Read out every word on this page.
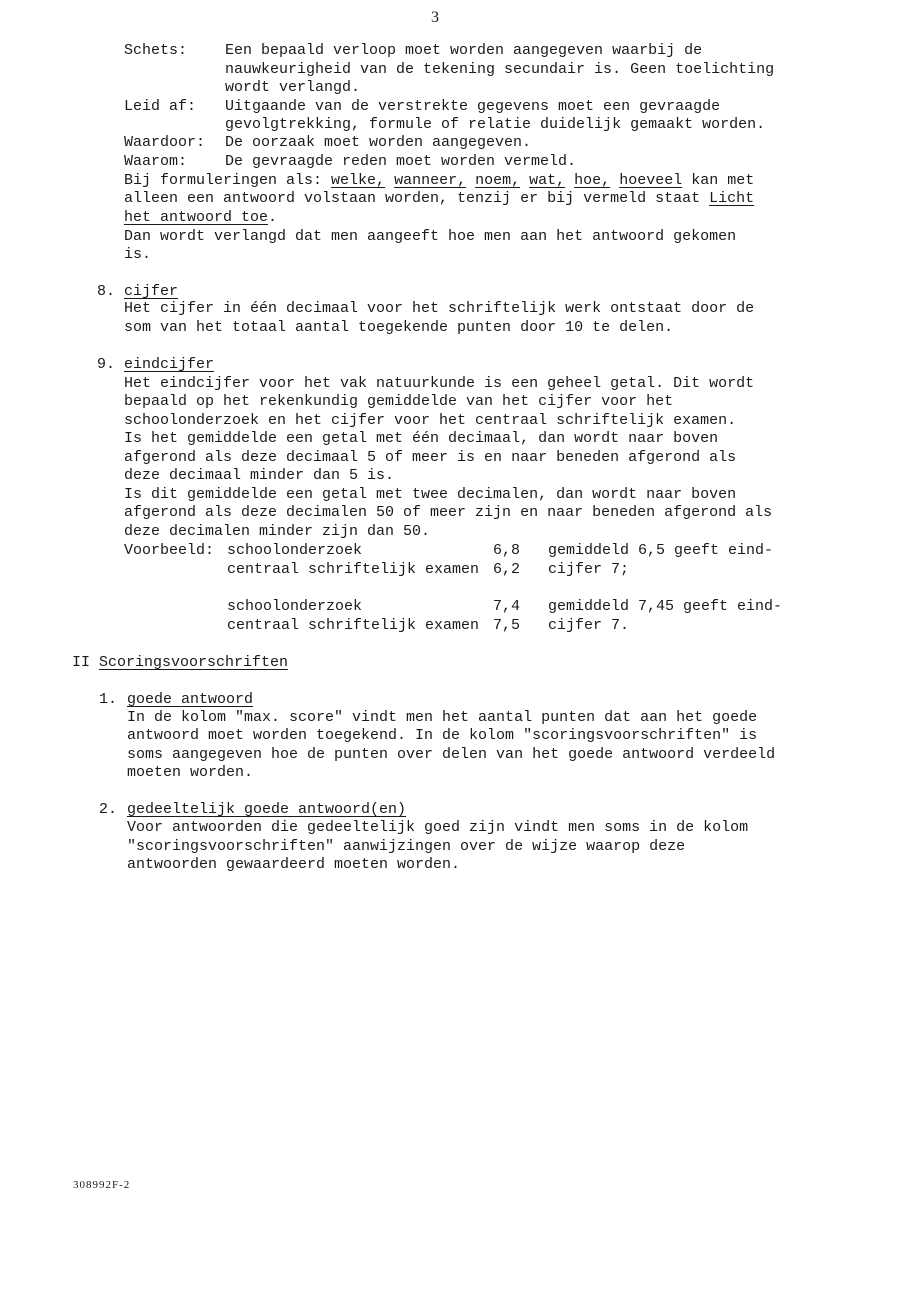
3
Schets:	Een bepaald verloop moet worden aangegeven waarbij de
nauwkeurigheid van de tekening secundair is. Geen toelichting
wordt verlangd.
Leid af: Uitgaande van de verstrekte gegevens moet een gevraagde
gevolgtrekking, formule of relatie duidelijk gemaakt worden.
Waardoor: De oorzaak moet worden aangegeven.
Waarom:	De gevraagde reden moet worden vermeld.
Bij formuleringen als: welke, wanneer, noem, wat, hoe, hoeveel kan met
alleen een antwoord volstaan worden, tenzij er bij vermeld staat Licht
het antwoord toe.
Dan wordt verlangd dat men aangeeft hoe men aan het antwoord gekomen
is.
8. cijfer
Het cijfer in één decimaal voor het schriftelijk werk ontstaat door de
som van het totaal aantal toegekende punten door 10 te delen.
9. eindcijfer
Het eindcijfer voor het vak natuurkunde is een geheel getal. Dit wordt
bepaald op het rekenkundig gemiddelde van het cijfer voor het
schoolonderzoek en het cijfer voor het centraal schriftelijk examen.
Is het gemiddelde een getal met één decimaal, dan wordt naar boven
afgerond als deze decimaal 5 of meer is en naar beneden afgerond als
deze decimaal minder dan 5 is.
Is dit gemiddelde een getal met twee decimalen, dan wordt naar boven
afgerond als deze decimalen 50 of meer zijn en naar beneden afgerond als
deze decimalen minder zijn dan 50.
Voorbeeld: schoolonderzoek	6,8 gemiddeld 6,5 geeft eind-
centraal schriftelijk examen 6,2 cijfer 7;
schoolonderzoek	7,4 gemiddeld 7,45 geeft eind-
centraal schriftelijk examen 7,5 cijfer 7.
II Scoringsvoorschriften
1. goede antwoord
In de kolom "max. score" vindt men het aantal punten dat aan het goede
antwoord moet worden toegekend. In de kolom "scoringsvoorschriften" is
soms aangegeven hoe de punten over delen van het goede antwoord verdeeld
moeten worden.
2. gedeeltelijk goede antwoord(en)
Voor antwoorden die gedeeltelijk goed zijn vindt men soms in de kolom
"scoringsvoorschriften" aanwijzingen over de wijze waarop deze
antwoorden gewaardeerd moeten worden.
308992F-2
